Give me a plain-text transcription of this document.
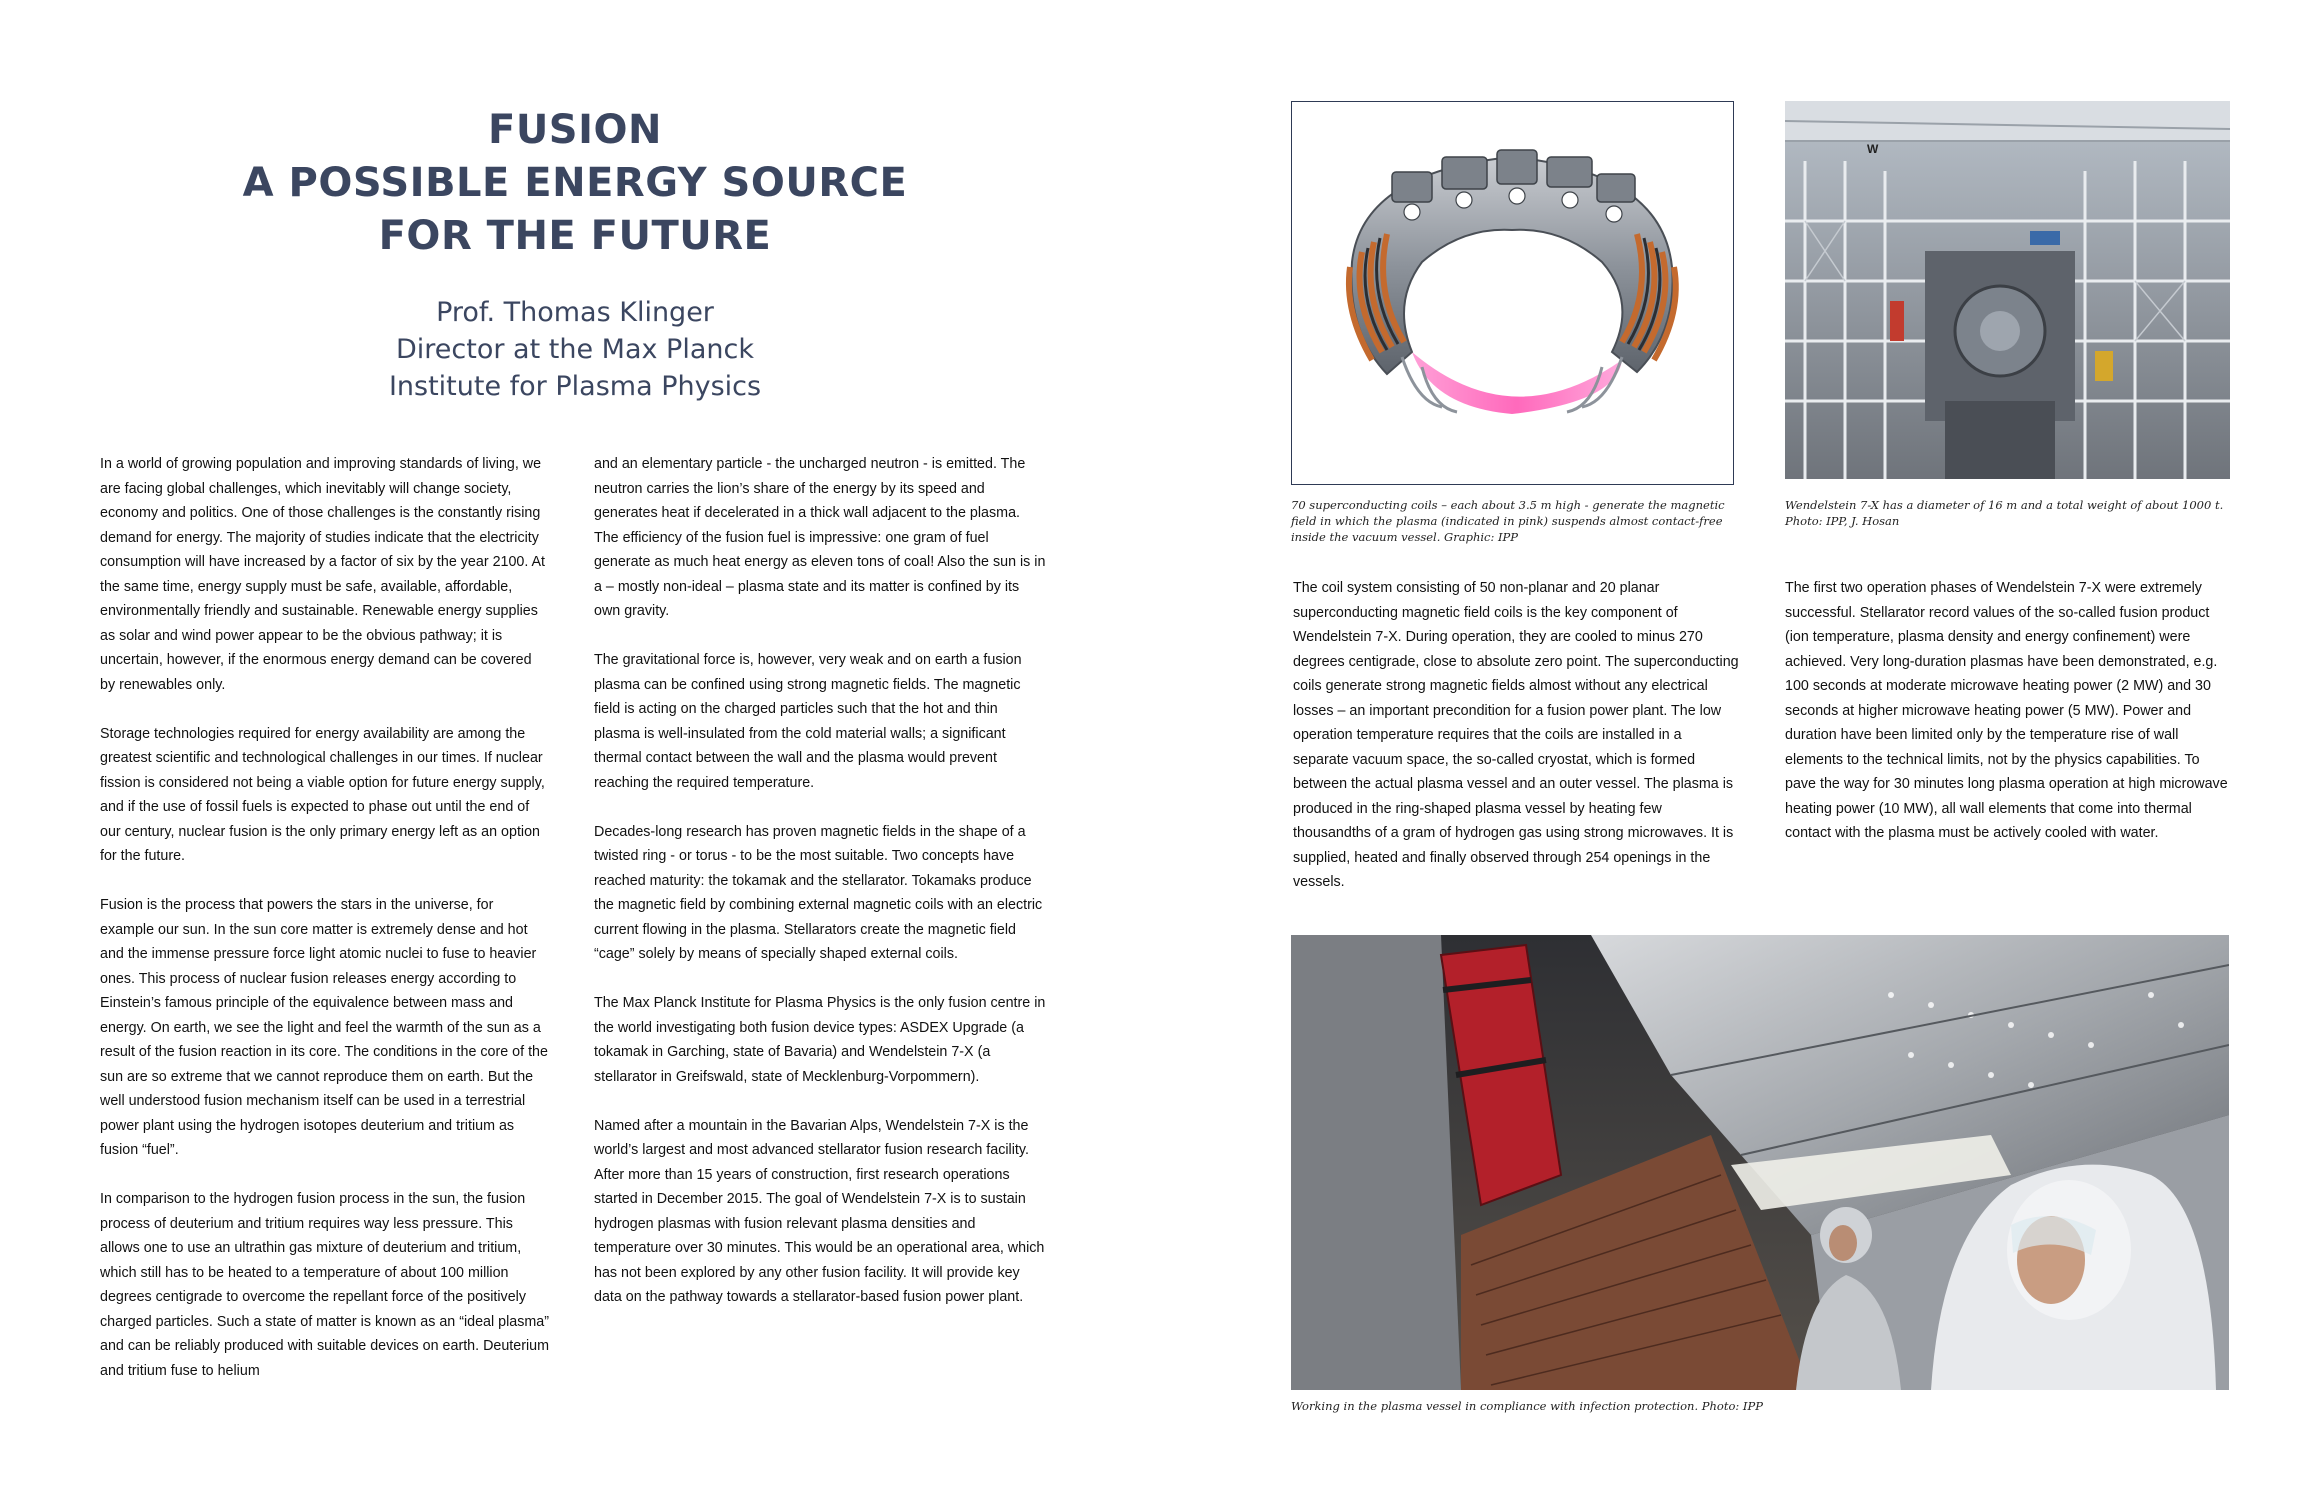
FUSION
A POSSIBLE ENERGY SOURCE
FOR THE FUTURE
Prof. Thomas Klinger
Director at the Max Planck
Institute for Plasma Physics

In a world of growing population and improving standards of living, we are facing global challenges, which inevitably will change society, economy and politics. One of those challenges is the constantly rising demand for energy. The majority of studies indicate that the electricity consumption will have increased by a factor of six by the year 2100. At the same time, energy supply must be safe, available, affordable, environmentally friendly and sustainable. Renewable energy supplies as solar and wind power appear to be the obvious pathway; it is uncertain, however, if the enormous energy demand can be covered by renewables only.

Storage technologies required for energy availability are among the greatest scientific and technological challenges in our times. If nuclear fission is considered not being a viable option for future energy supply, and if the use of fossil fuels is expected to phase out until the end of our century, nuclear fusion is the only primary energy left as an option for the future.

Fusion is the process that powers the stars in the universe, for example our sun. In the sun core matter is extremely dense and hot and the immense pressure force light atomic nuclei to fuse to heavier ones. This process of nuclear fusion releases energy according to Einstein’s famous principle of the equivalence between mass and energy. On earth, we see the light and feel the warmth of the sun as a result of the fusion reaction in its core. The conditions in the core of the sun are so extreme that we cannot reproduce them on earth. But the well understood fusion mechanism itself can be used in a terrestrial power plant using the hydrogen isotopes deuterium and tritium as fusion “fuel”.

In comparison to the hydrogen fusion process in the sun, the fusion process of deuterium and tritium requires way less pressure. This allows one to use an ultrathin gas mixture of deuterium and tritium, which still has to be heated to a temperature of about 100 million degrees centigrade to overcome the repellant force of the positively charged particles. Such a state of matter is known as an “ideal plasma” and can be reliably produced with suitable devices on earth. Deuterium and tritium fuse to helium

and an elementary particle - the uncharged neutron - is emitted. The neutron carries the lion’s share of the energy by its speed and generates heat if decelerated in a thick wall adjacent to the plasma. The efficiency of the fusion fuel is impressive: one gram of fuel generate as much heat energy as eleven tons of coal! Also the sun is in a – mostly non-ideal – plasma state and its matter is confined by its own gravity.

The gravitational force is, however, very weak and on earth a fusion plasma can be confined using strong magnetic fields. The magnetic field is acting on the charged particles such that the hot and thin plasma is well-insulated from the cold material walls; a significant thermal contact between the wall and the plasma would prevent reaching the required temperature.

Decades-long research has proven magnetic fields in the shape of a twisted ring - or torus - to be the most suitable. Two concepts have reached maturity: the tokamak and the stellarator. Tokamaks produce the magnetic field by combining external magnetic coils with an electric current flowing in the plasma. Stellarators create the magnetic field “cage” solely by means of specially shaped external coils.

The Max Planck Institute for Plasma Physics is the only fusion centre in the world investigating both fusion device types: ASDEX Upgrade (a tokamak in Garching, state of Bavaria) and Wendelstein 7-X (a stellarator in Greifswald, state of Mecklenburg-Vorpommern).

Named after a mountain in the Bavarian Alps, Wendelstein 7-X is the world’s largest and most advanced stellarator fusion research facility. After more than 15 years of construction, first research operations started in December 2015. The goal of Wendelstein 7-X is to sustain hydrogen plasmas with fusion relevant plasma densities and temperature over 30 minutes. This would be an operational area, which has not been explored by any other fusion facility. It will provide key data on the pathway towards a stellarator-based fusion power plant.

70 superconducting coils – each about 3.5 m high - generate the magnetic field in which the plasma (indicated in pink) suspends almost contact-free inside the vacuum vessel. Graphic: IPP
W
Wendelstein 7-X has a diameter of 16 m and a total weight of about 1000 t. Photo: IPP, J. Hosan

The coil system consisting of 50 non-planar and 20 planar superconducting magnetic field coils is the key component of Wendelstein 7-X. During operation, they are cooled to minus 270 degrees centigrade, close to absolute zero point. The superconducting coils generate strong magnetic fields almost without any electrical losses – an important precondition for a fusion power plant. The low operation temperature requires that the coils are installed in a separate vacuum space, the so-called cryostat, which is formed between the actual plasma vessel and an outer vessel. The plasma is produced in the ring-shaped plasma vessel by heating few thousandths of a gram of hydrogen gas using strong microwaves. It is supplied, heated and finally observed through 254 openings in the vessels.

The first two operation phases of Wendelstein 7-X were extremely successful. Stellarator record values of the so-called fusion product (ion temperature, plasma density and energy confinement) were achieved. Very long-duration plasmas have been demonstrated, e.g. 100 seconds at moderate microwave heating power (2 MW) and 30 seconds at higher microwave heating power (5 MW). Power and duration have been limited only by the temperature rise of wall elements to the technical limits, not by the physics capabilities. To pave the way for 30 minutes long plasma operation at high microwave heating power (10 MW), all wall elements that come into thermal contact with the plasma must be actively cooled with water.

Working in the plasma vessel in compliance with infection protection. Photo: IPP
